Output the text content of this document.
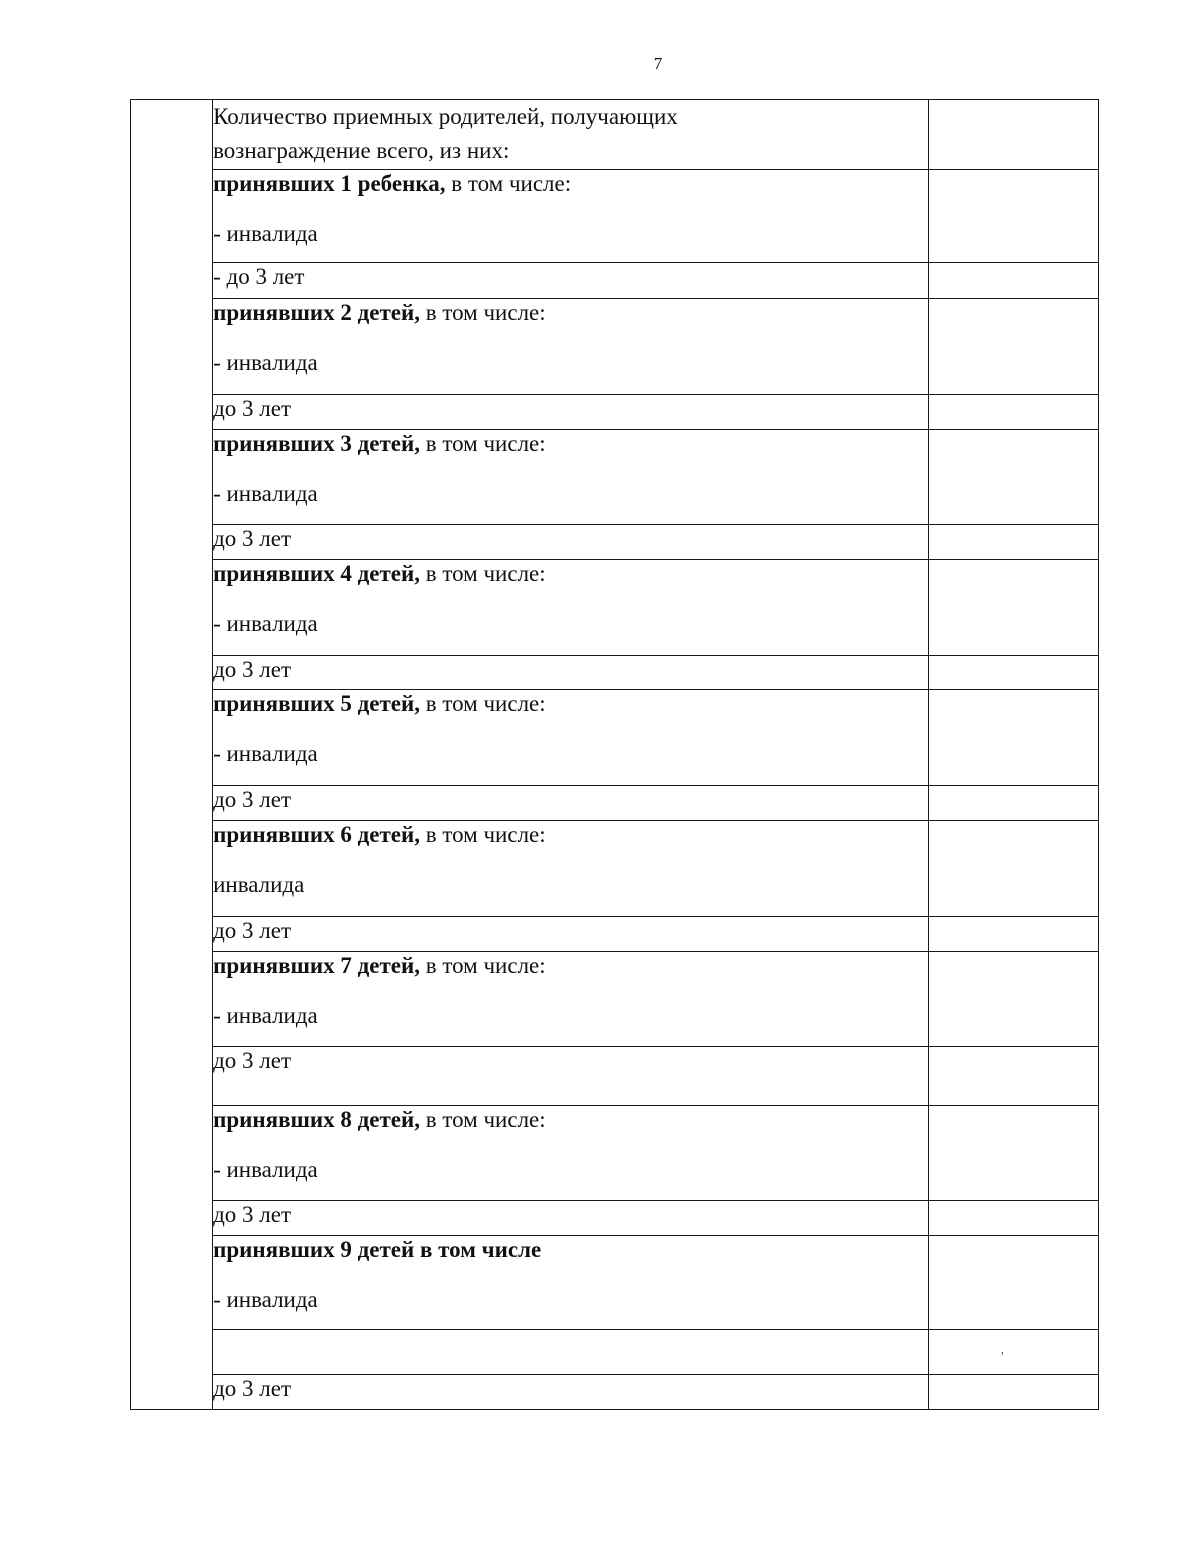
7

	Количество приемных родителей, получающих
вознаграждение всего, из них:	

	принявших 1 ребенка, в том числе:
- инвалида	

	- до 3 лет	

	принявших 2 детей, в том числе:
- инвалида	

	до 3 лет	

	принявших 3 детей, в том числе:
- инвалида	

	до 3 лет	

	принявших 4 детей, в том числе:
- инвалида	

	до 3 лет	

	принявших 5 детей, в том числе:
- инвалида	

	до 3 лет	

	принявших 6 детей, в том числе:
инвалида	

	до 3 лет	

	принявших 7 детей, в том числе:
- инвалида	

	до 3 лет	

	принявших 8 детей, в том числе:
- инвалида	

	до 3 лет	

	принявших 9 детей в том числе
- инвалида	

		,

	до 3 лет	
